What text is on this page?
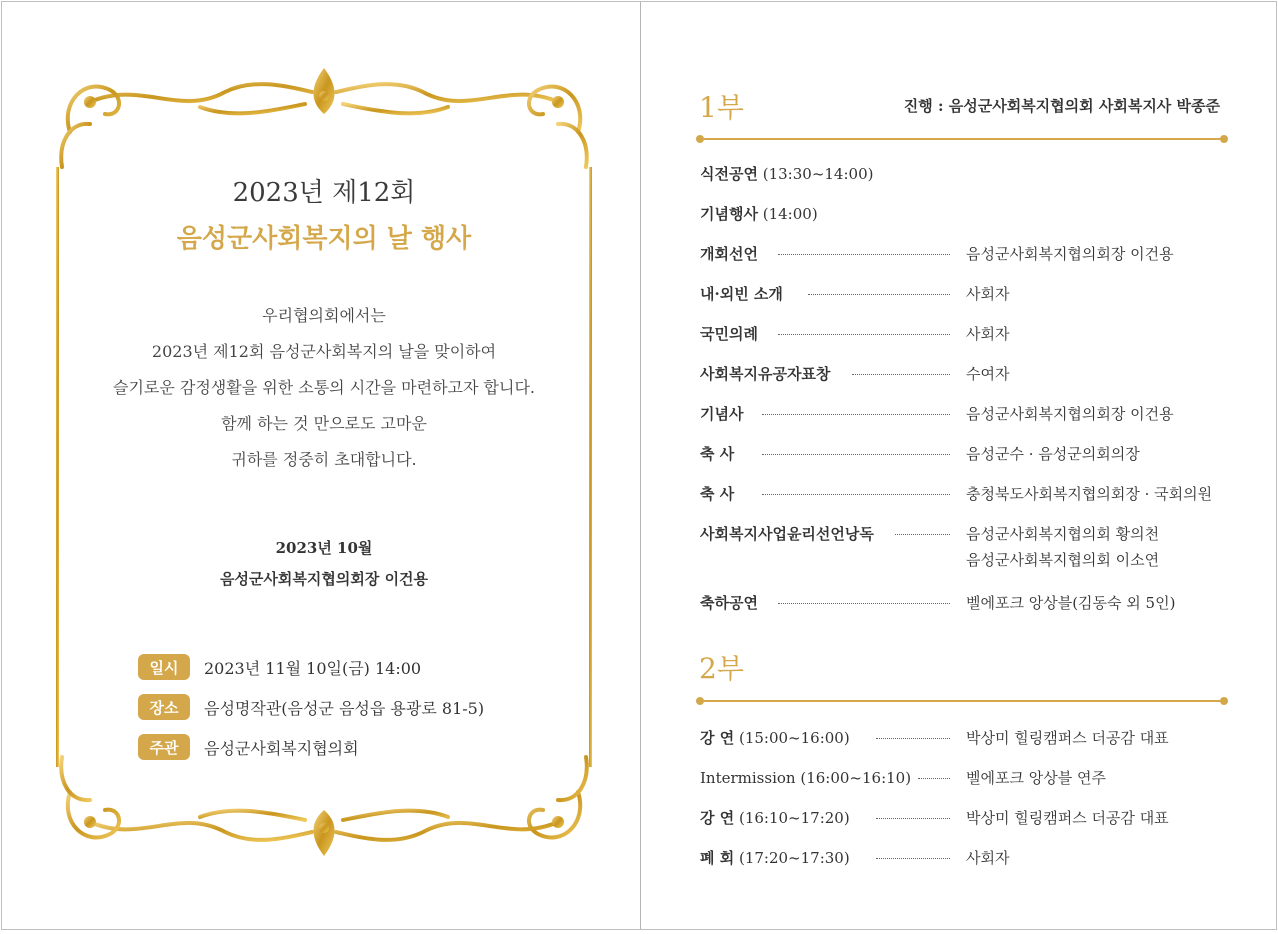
2023년 제12회
음성군사회복지의 날 행사
우리협의회에서는
2023년 제12회 음성군사회복지의 날을 맞이하여
슬기로운 감정생활을 위한 소통의 시간을 마련하고자 합니다.
함께 하는 것 만으로도 고마운
귀하를 정중히 초대합니다.
2023년 10월
음성군사회복지협의회장 이건용
일시	2023년 11월 10일(금) 14:00
장소	음성명작관(음성군 음성읍 용광로 81-5)
주관	음성군사회복지협의회
1부	진행 : 음성군사회복지협의회 사회복지사 박종준
식전공연 (13:30~14:00)
기념행사 (14:00)
개회선언	음성군사회복지협의회장 이건용
내·외빈 소개	사회자
국민의례	사회자
사회복지유공자표창	수여자
기념사	음성군사회복지협의회장 이건용
축 사	음성군수 · 음성군의회의장
축 사	충청북도사회복지협의회장 · 국회의원
사회복지사업윤리선언낭독	음성군사회복지협의회 황의천
음성군사회복지협의회 이소연
축하공연	벨에포크 앙상블(김동숙 외 5인)
2부
강 연 (15:00~16:00)	박상미 힐링캠퍼스 더공감 대표
Intermission (16:00~16:10)	벨에포크 앙상블 연주
강 연 (16:10~17:20)	박상미 힐링캠퍼스 더공감 대표
폐 회 (17:20~17:30)	사회자
